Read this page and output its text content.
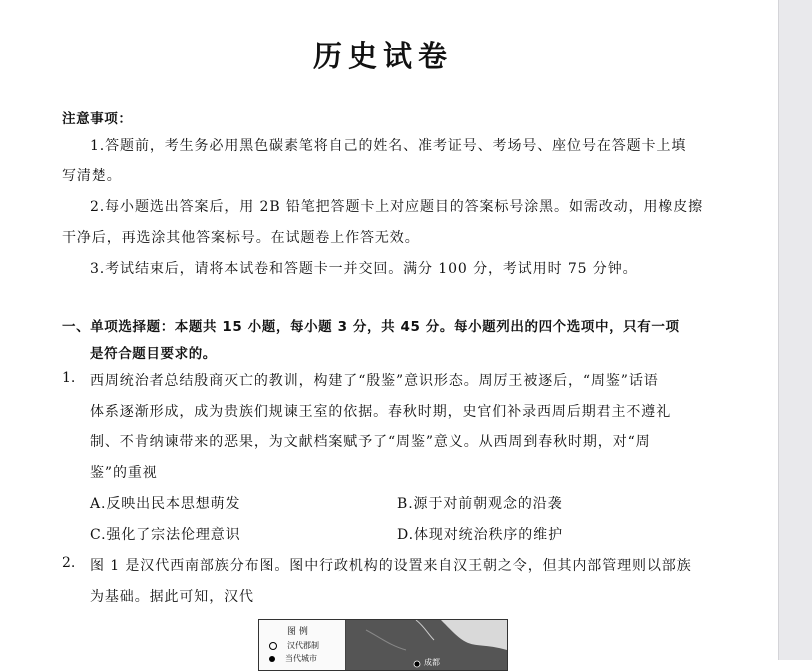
历史试卷
注意事项：
1.答题前，考生务必用黑色碳素笔将自己的姓名、准考证号、考场号、座位号在答题卡上填
写清楚。
2.每小题选出答案后，用 2B 铅笔把答题卡上对应题目的答案标号涂黑。如需改动，用橡皮擦
干净后，再选涂其他答案标号。在试题卷上作答无效。
3.考试结束后，请将本试卷和答题卡一并交回。满分 100 分，考试用时 75 分钟。
一、单项选择题：本题共 15 小题，每小题 3 分，共 45 分。每小题列出的四个选项中，只有一项
是符合题目要求的。
1. 西周统治者总结殷商灭亡的教训，构建了“殷鉴”意识形态。周厉王被逐后，“周鉴”话语
体系逐渐形成，成为贵族们规谏王室的依据。春秋时期，史官们补录西周后期君主不遵礼
制、不肯纳谏带来的恶果，为文献档案赋予了“周鉴”意义。从西周到春秋时期，对“周
鉴”的重视
A.反映出民本思想萌发	B.源于对前朝观念的沿袭
C.强化了宗法伦理意识	D.体现对统治秩序的维护
2. 图 1 是汉代西南部族分布图。图中行政机构的设置来自汉王朝之令，但其内部管理则以部族
为基础。据此可知，汉代
图 例
汉代郡制
当代城市	成都
